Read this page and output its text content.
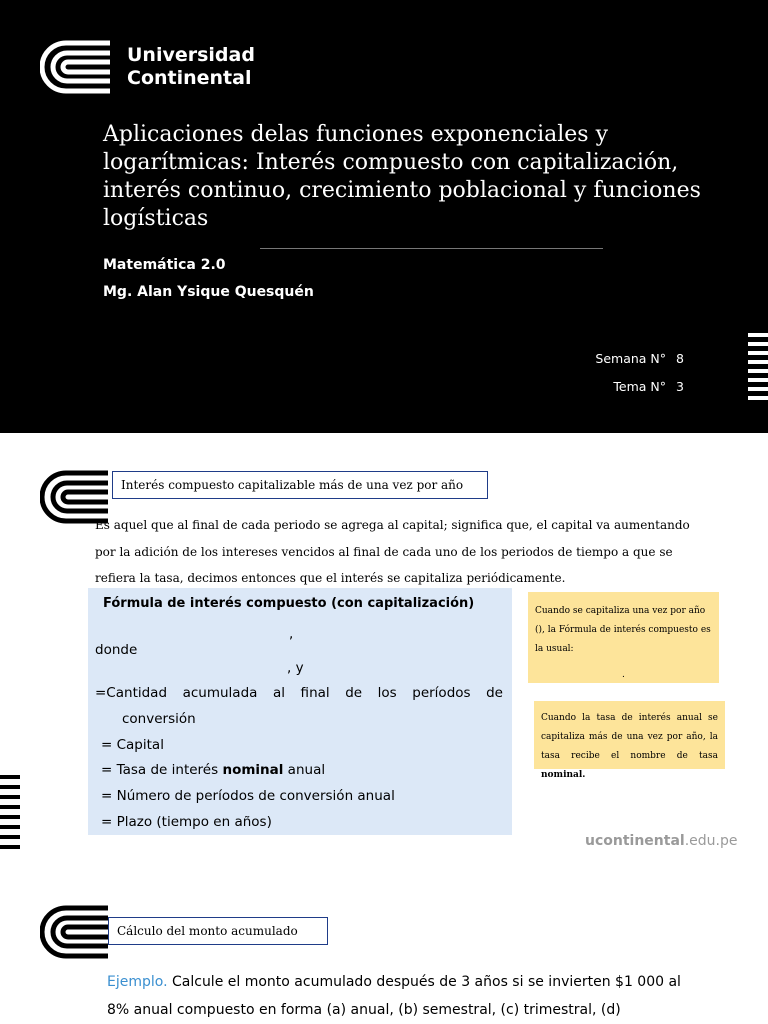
Universidad
Continental
Aplicaciones delas funciones exponenciales y logarítmicas: Interés compuesto con capitalización, interés continuo, crecimiento poblacional y funciones logísticas
Matemática 2.0
Mg. Alan Ysique Quesquén
Semana N° 8
Tema N° 3
Interés compuesto capitalizable más de una vez por año
Es aquel que al final de cada periodo se agrega al capital; significa que, el capital va aumentando por la adición de los intereses vencidos al final de cada uno de los periodos de tiempo a que se refiera la tasa, decimos entonces que el interés se capitaliza periódicamente.
Fórmula de interés compuesto (con capitalización)
,
donde
, y
=Cantidad acumulada al final de los períodos de
conversión
= Capital
= Tasa de interés nominal anual
= Número de períodos de conversión anual
= Plazo (tiempo en años)
Cuando se capitaliza una vez por año (), la Fórmula de interés compuesto es la usual:
.
Cuando la tasa de interés anual se capitaliza más de una vez por año, la tasa recibe el nombre de tasa nominal.
ucontinental.edu.pe
Cálculo del monto acumulado
Ejemplo. Calcule el monto acumulado después de 3 años si se invierten $1 000 al 8% anual compuesto en forma (a) anual, (b) semestral, (c) trimestral, (d)
